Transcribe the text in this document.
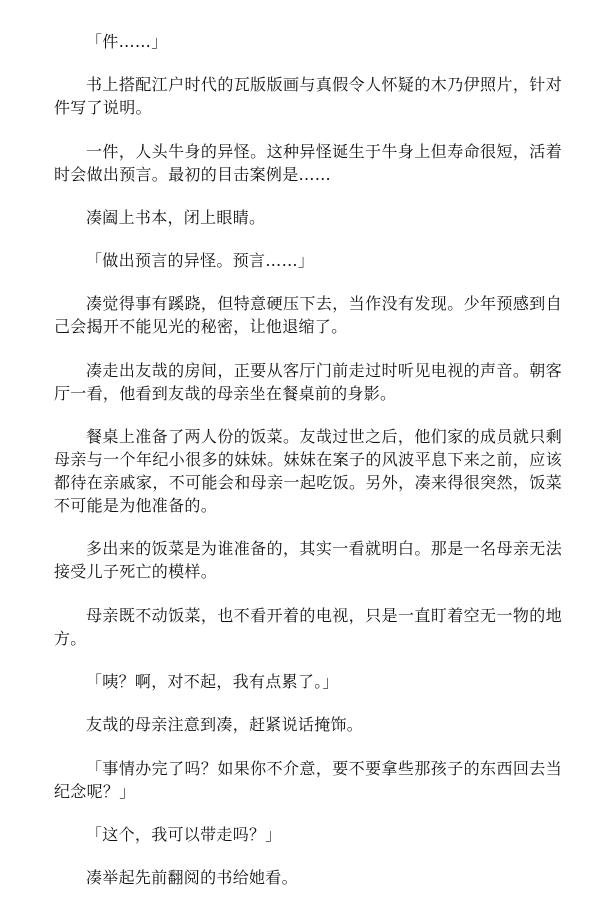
「件……」

书上搭配江户时代的瓦版版画与真假令人怀疑的木乃伊照片，针对件写了说明。

一件，人头牛身的异怪。这种异怪诞生于牛身上但寿命很短，活着时会做出预言。最初的目击案例是……

凑阖上书本，闭上眼睛。

「做出预言的异怪。预言……」

凑觉得事有蹊跷，但特意硬压下去，当作没有发现。少年预感到自己会揭开不能见光的秘密，让他退缩了。

凑走出友哉的房间，正要从客厅门前走过时听见电视的声音。朝客厅一看，他看到友哉的母亲坐在餐桌前的身影。

餐桌上准备了两人份的饭菜。友哉过世之后，他们家的成员就只剩母亲与一个年纪小很多的妹妹。妹妹在案子的风波平息下来之前，应该都待在亲戚家，不可能会和母亲一起吃饭。另外，凑来得很突然，饭菜不可能是为他准备的。

多出来的饭菜是为谁准备的，其实一看就明白。那是一名母亲无法接受儿子死亡的模样。

母亲既不动饭菜，也不看开着的电视，只是一直盯着空无一物的地方。

「咦？啊，对不起，我有点累了。」

友哉的母亲注意到凑，赶紧说话掩饰。

「事情办完了吗？如果你不介意，要不要拿些那孩子的东西回去当纪念呢？」

「这个，我可以带走吗？」

凑举起先前翻阅的书给她看。
